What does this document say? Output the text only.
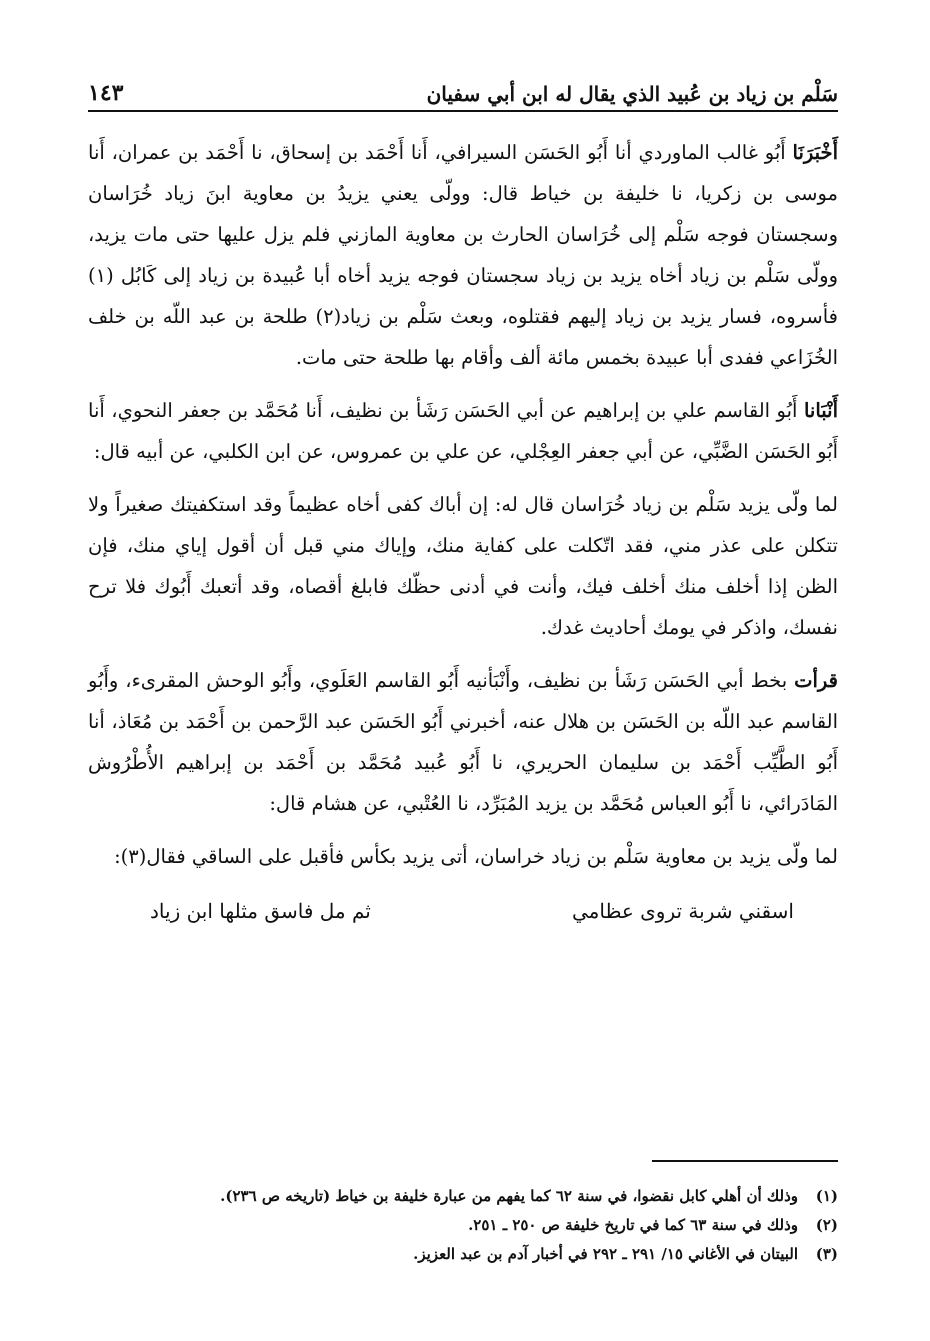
سَلْم بن زياد بن عُبيد الذي يقال له ابن أبي سفيان
١٤٣

أَخْبَرَنَا أَبُو غالب الماوردي أنا أَبُو الحَسَن السيرافي، أَنا أَحْمَد بن إسحاق، نا أَحْمَد بن عمران، أَنا موسى بن زكريا، نا خليفة بن خياط قال: وولّى يعني يزيدُ بن معاوية ابنَ زياد خُرَاسان وسجستان فوجه سَلْم إلى خُرَاسان الحارث بن معاوية المازني فلم يزل عليها حتى مات يزيد، وولّى سَلْم بن زياد أخاه يزيد بن زياد سجستان فوجه يزيد أخاه أبا عُبيدة بن زياد إلى كَابُل (١) فأسروه، فسار يزيد بن زياد إليهم فقتلوه، وبعث سَلْم بن زياد(٢) طلحة بن عبد اللّه بن خلف الخُزَاعي ففدى أبا عبيدة بخمس مائة ألف وأقام بها طلحة حتى مات.

أَنْبَانا أَبُو القاسم علي بن إبراهيم عن أبي الحَسَن رَشَأ بن نظيف، أَنا مُحَمَّد بن جعفر النحوي، أَنا أَبُو الحَسَن الضَّبِّي، عن أبي جعفر العِجْلي، عن علي بن عمروس، عن ابن الكلبي، عن أبيه قال:

لما ولّى يزيد سَلْم بن زياد خُرَاسان قال له: إن أباك كفى أخاه عظيماً وقد استكفيتك صغيراً ولا تتكلن على عذر مني، فقد اتّكلت على كفاية منك، وإياك مني قبل أن أقول إياي منك، فإن الظن إذا أخلف منك أخلف فيك، وأنت في أدنى حظّك فابلغ أقصاه، وقد أتعبك أَبُوك فلا ترح نفسك، واذكر في يومك أحاديث غدك.

قرأت بخط أبي الحَسَن رَشَأ بن نظيف، وأَنْبَأنيه أَبُو القاسم العَلَوي، وأَبُو الوحش المقرىء، وأَبُو القاسم عبد اللّه بن الحَسَن بن هلال عنه، أخبرني أَبُو الحَسَن عبد الرَّحمن بن أَحْمَد بن مُعَاذ، أنا أَبُو الطَّيِّب أَحْمَد بن سليمان الحريري، نا أَبُو عُبيد مُحَمَّد بن أَحْمَد بن إبراهيم الأُطْرُوش المَادَرائي، نا أَبُو العباس مُحَمَّد بن يزيد المُبَرِّد، نا العُتْبي، عن هشام قال:

لما ولّى يزيد بن معاوية سَلْم بن زياد خراسان، أتى يزيد بكأس فأقبل على الساقي فقال(٣):

اسقني شربة تروى عظامي
ثم مل فاسق مثلها ابن زياد
(١)
وذلك أن أهلي كابل نقضوا، في سنة ٦٢ كما يفهم من عبارة خليفة بن خياط (تاريخه ص ٢٣٦).
(٢)
وذلك في سنة ٦٣ كما في تاريخ خليفة ص ٢٥٠ ـ ٢٥١.
(٣)
البيتان في الأغاني ١٥/ ٢٩١ ـ ٢٩٢ في أخبار آدم بن عبد العزيز.
